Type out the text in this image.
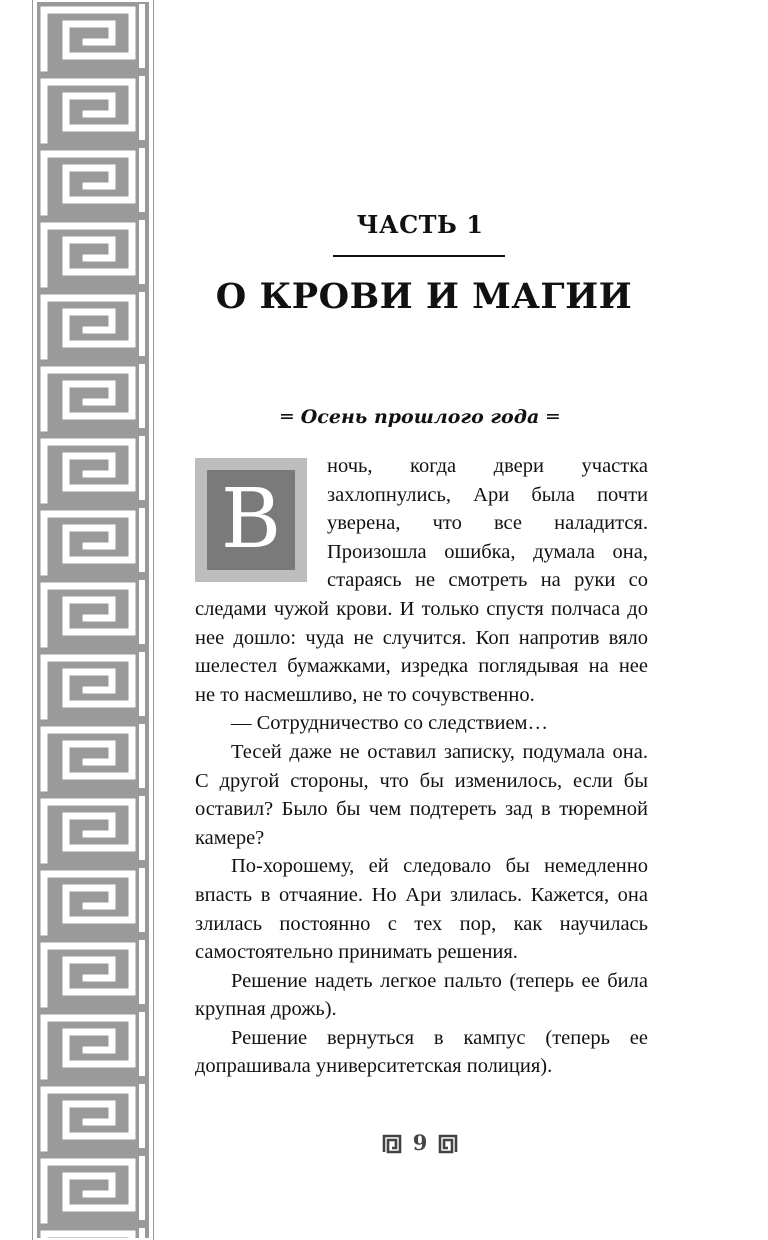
ЧАСТЬ 1
О КРОВИ И МАГИИ
═ Осень прошлого года ═
В

ночь, когда двери участка захлопнулись, Ари была почти уверена, что все наладится. Произошла ошибка, думала она, стараясь не смотреть на руки со следами чужой крови. И только спустя полчаса до нее дошло: чуда не случится. Коп напротив вяло шелестел бумажками, изредка поглядывая на нее не то насмешливо, не то сочувственно.

— Сотрудничество со следствием…

Тесей даже не оставил записку, подумала она. С другой стороны, что бы изменилось, если бы оставил? Было бы чем подтереть зад в тюремной камере?

По-хорошему, ей следовало бы немедленно впасть в отчаяние. Но Ари злилась. Кажется, она злилась постоянно с тех пор, как научилась самостоятельно принимать решения.

Решение надеть легкое пальто (теперь ее била крупная дрожь).

Решение вернуться в кампус (теперь ее допрашивала университетская полиция).

9
